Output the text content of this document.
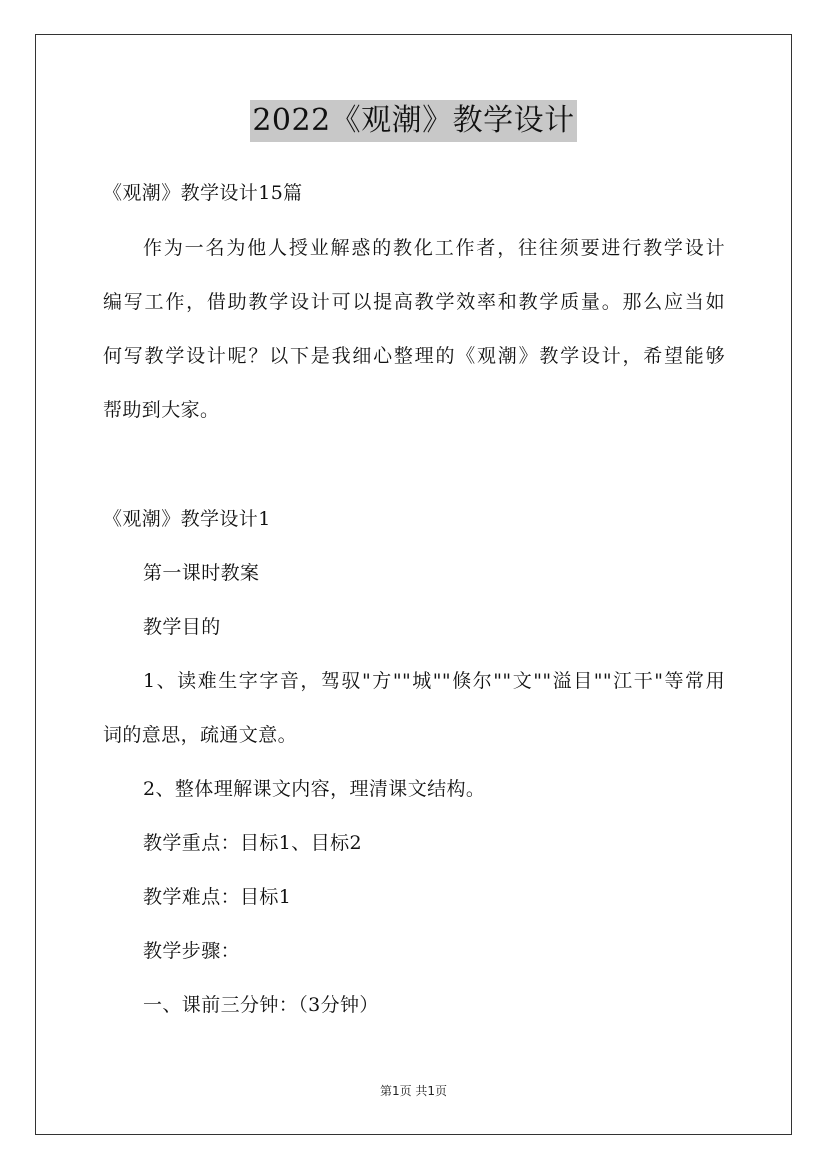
2022《观潮》教学设计
《观潮》教学设计15篇
作为一名为他人授业解惑的教化工作者，往往须要进行教学设计
编写工作，借助教学设计可以提高教学效率和教学质量。那么应当如
何写教学设计呢？以下是我细心整理的《观潮》教学设计，希望能够
帮助到大家。
《观潮》教学设计1
第一课时教案
教学目的
1、读难生字字音，驾驭"方""城""倏尔""文""溢目""江干"等常用
词的意思，疏通文意。
2、整体理解课文内容，理清课文结构。
教学重点：目标1、目标2
教学难点：目标1
教学步骤：
一、课前三分钟：（3分钟）
第1页 共1页
